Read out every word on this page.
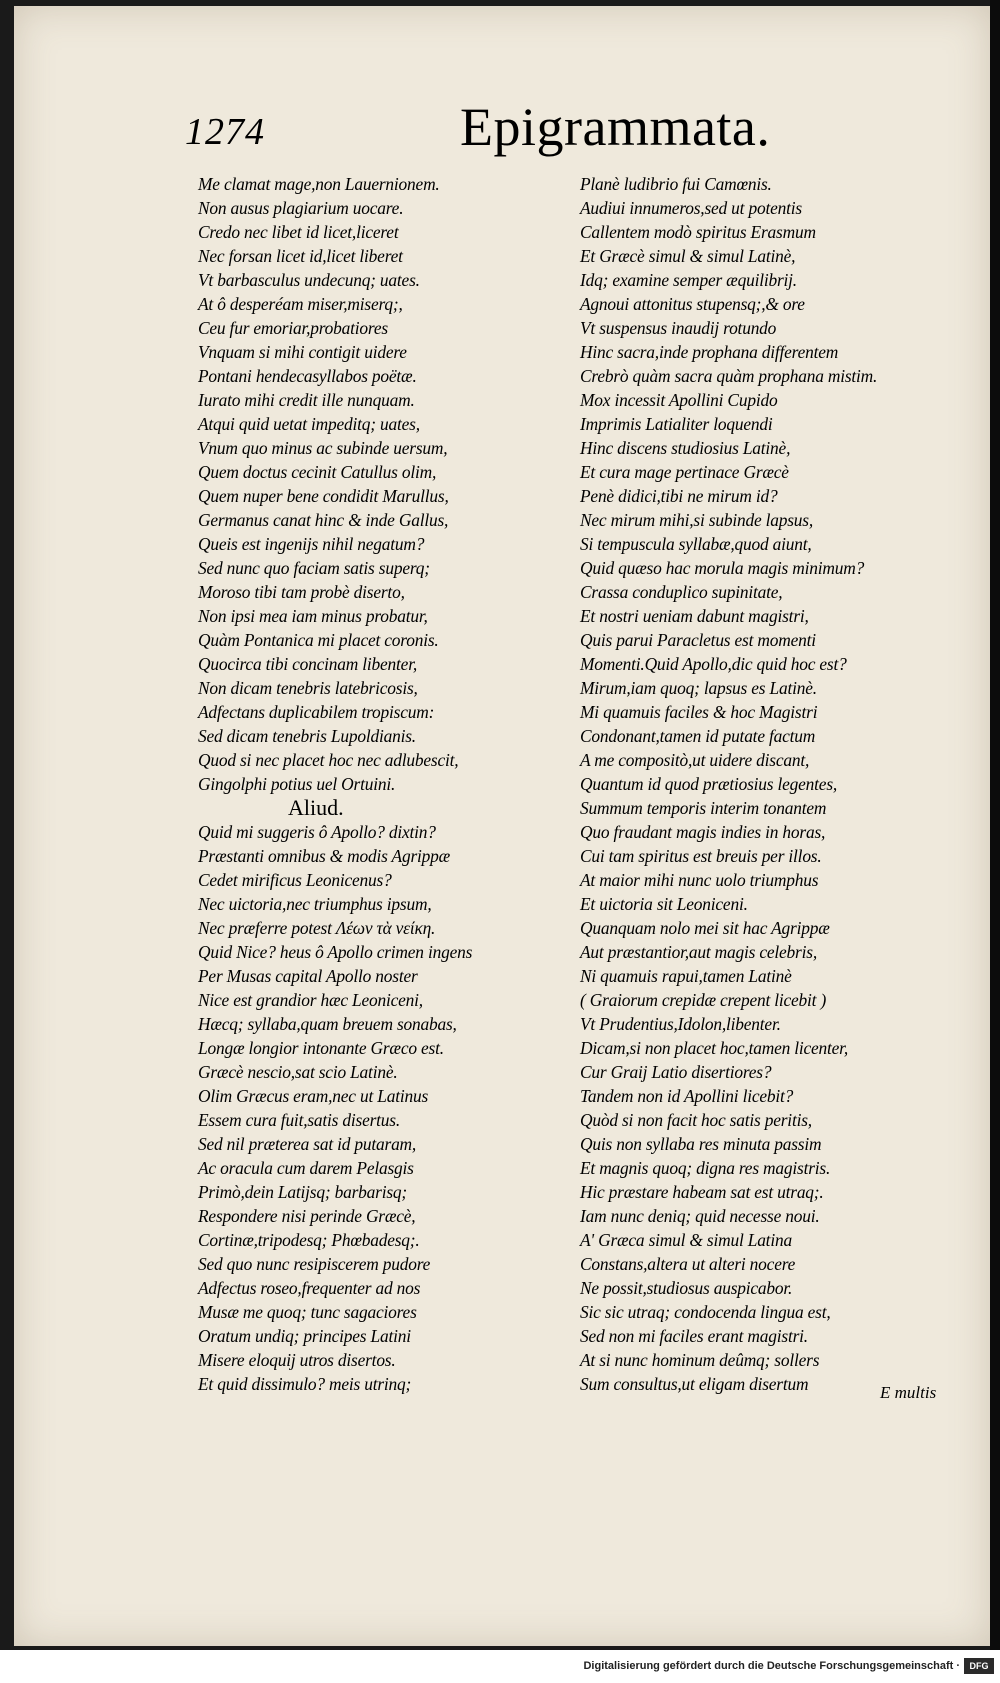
1274	Epigrammata.
Me clamat mage,non Lauernionem.
Non ausus plagiarium uocare.
Credo nec libet id licet,liceret
Nec forsan licet id,licet liberet
Vt barbasculus undecunq; uates.
At ô desperéam miser,miserq;,
Ceu fur emoriar,probatiores
Vnquam si mihi contigit uidere
Pontani hendecasyllabos poëtæ.
Iurato mihi credit ille nunquam.
Atqui quid uetat impeditq; uates,
Vnum quo minus ac subinde uersum,
Quem doctus cecinit Catullus olim,
Quem nuper bene condidit Marullus,
Germanus canat hinc & inde Gallus,
Queis est ingenijs nihil negatum?
Sed nunc quo faciam satis superq;
Moroso tibi tam probè diserto,
Non ipsi mea iam minus probatur,
Quàm Pontanica mi placet coronis.
Quocirca tibi concinam libenter,
Non dicam tenebris latebricosis,
Adfectans duplicabilem tropiscum:
Sed dicam tenebris Lupoldianis.
Quod si nec placet hoc nec adlubescit,
Gingolphi potius uel Ortuini.
Aliud.
Quid mi suggeris ô Apollo? dixtin?
Præstanti omnibus & modis Agrippæ
Cedet mirificus Leonicenus?
Nec uictoria,nec triumphus ipsum,
Nec præferre potest Λέων τὰ νείκη.
Quid Nice? heus ô Apollo crimen ingens
Per Musas capital Apollo noster
Nice est grandior hæc Leoniceni,
Hæcq; syllaba,quam breuem sonabas,
Longæ longior intonante Græco est.
Græcè nescio,sat scio Latinè.
Olim Græcus eram,nec ut Latinus
Essem cura fuit,satis disertus.
Sed nil præterea sat id putaram,
Ac oracula cum darem Pelasgis
Primò,dein Latijsq; barbarisq;
Respondere nisi perinde Græcè,
Cortinæ,tripodesq; Phœbadesq;.
Sed quo nunc resipiscerem pudore
Adfectus roseo,frequenter ad nos
Musæ me quoq; tunc sagaciores
Oratum undiq; principes Latini
Misere eloquij utros disertos.
Et quid dissimulo? meis utrinq;
Planè ludibrio fui Camœnis.
Audiui innumeros,sed ut potentis
Callentem modò spiritus Erasmum
Et Græcè simul & simul Latinè,
Idq; examine semper æquilibrij.
Agnoui attonitus stupensq;,& ore
Vt suspensus inaudij rotundo
Hinc sacra,inde prophana differentem
Crebrò quàm sacra quàm prophana mistim.
Mox incessit Apollini Cupido
Imprimis Latialiter loquendi
Hinc discens studiosius Latinè,
Et cura mage pertinace Græcè
Penè didici,tibi ne mirum id?
Nec mirum mihi,si subinde lapsus,
Si tempuscula syllabæ,quod aiunt,
Quid quæso hac morula magis minimum?
Crassa conduplico supinitate,
Et nostri ueniam dabunt magistri,
Quis parui Paracletus est momenti
Momenti.Quid Apollo,dic quid hoc est?
Mirum,iam quoq; lapsus es Latinè.
Mi quamuis faciles & hoc Magistri
Condonant,tamen id putate factum
A me compositò,ut uidere discant,
Quantum id quod prætiosius legentes,
Summum temporis interim tonantem
Quo fraudant magis indies in horas,
Cui tam spiritus est breuis per illos.
At maior mihi nunc uolo triumphus
Et uictoria sit Leoniceni.
Quanquam nolo mei sit hac Agrippæ
Aut præstantior,aut magis celebris,
Ni quamuis rapui,tamen Latinè
( Graiorum crepidæ crepent licebit )
Vt Prudentius,Idolon,libenter.
Dicam,si non placet hoc,tamen licenter,
Cur Graij Latio disertiores?
Tandem non id Apollini licebit?
Quòd si non facit hoc satis peritis,
Quis non syllaba res minuta passim
Et magnis quoq; digna res magistris.
Hic præstare habeam sat est utraq;.
Iam nunc deniq; quid necesse noui.
A' Græca simul & simul Latina
Constans,altera ut alteri nocere
Ne possit,studiosus auspicabor.
Sic sic utraq; condocenda lingua est,
Sed non mi faciles erant magistri.
At si nunc hominum deûmq; sollers
Sum consultus,ut eligam disertum	E multis
Digitalisierung gefördert durch die Deutsche Forschungsgemeinschaft ·	DFG
